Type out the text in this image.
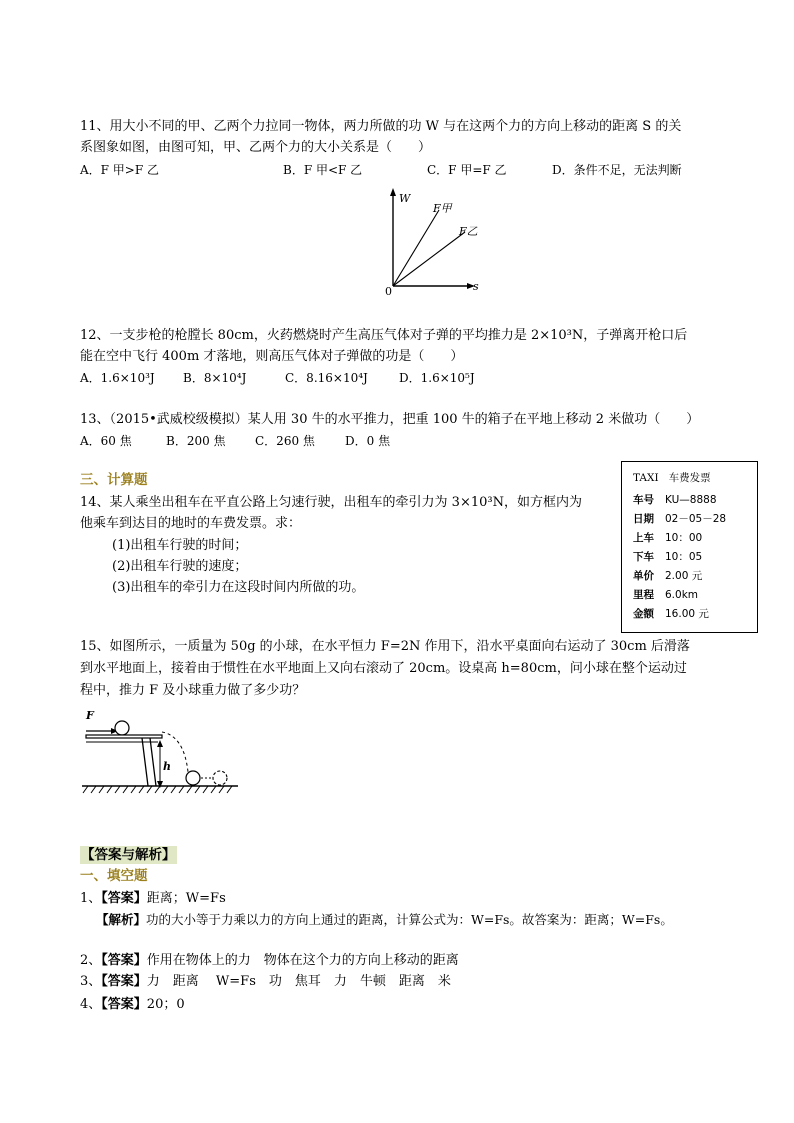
11、用大小不同的甲、乙两个力拉同一物体，两力所做的功 W 与在这两个力的方向上移动的距离 S 的关
系图象如图，由图可知，甲、乙两个力的大小关系是（　　）
A．F 甲>F 乙	B．F 甲<F 乙	C．F 甲=F 乙	D．条件不足，无法判断
W
s
0
F甲
F乙
12、一支步枪的枪膛长 80cm，火药燃烧时产生高压气体对子弹的平均推力是 2×10³N，子弹离开枪口后
能在空中飞行 400m 才落地，则高压气体对子弹做的功是（　　）
A．1.6×10³J B．8×10⁴J	C．8.16×10⁴J	D．1.6×10⁵J
13、（2015•武威校级模拟）某人用 30 牛的水平推力，把重 100 牛的箱子在平地上移动 2 米做功（　　）
A．60 焦	B．200 焦 C．260 焦	D．0 焦
三、计算题
14、某人乘坐出租车在平直公路上匀速行驶，出租车的牵引力为 3×10³N，如方框内为
他乘车到达目的地时的车费发票。求：
(1)出租车行驶的时间；
(2)出租车行驶的速度；
(3)出租车的牵引力在这段时间内所做的功。
TAXI 车费发票
车号 KU—8888
日期 02－05－28
上车 10：00
下车 10：05
单价 2.00 元
里程 6.0km
金额 16.00 元
15、如图所示，一质量为 50g 的小球，在水平恒力 F=2N 作用下，沿水平桌面向右运动了 30cm 后滑落
到水平地面上，接着由于惯性在水平地面上又向右滚动了 20cm。设桌高 h=80cm，问小球在整个运动过
程中，推力 F 及小球重力做了多少功？
F
h
【答案与解析】
一、填空题
1、【答案】距离；W=Fs
【解析】功的大小等于力乘以力的方向上通过的距离，计算公式为：W=Fs。故答案为：距离；W=Fs。
2、【答案】作用在物体上的力　物体在这个力的方向上移动的距离
3、【答案】力　距离　 W=Fs　功　焦耳　力　牛顿　距离　米
4、【答案】20；0
